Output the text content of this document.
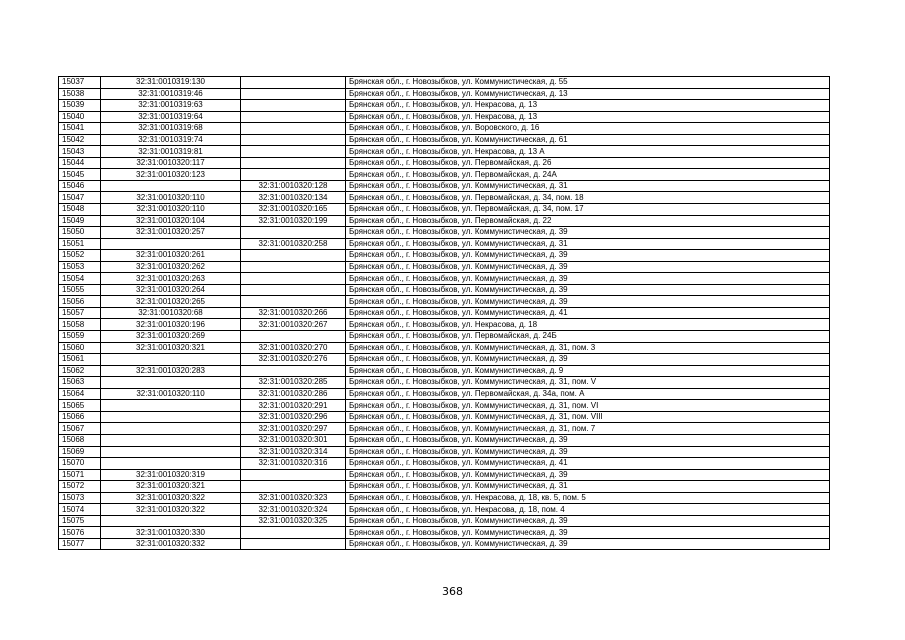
15037	32:31:0010319:130		Брянская обл., г. Новозыбков, ул. Коммунистическая, д. 55
15038	32:31:0010319:46		Брянская обл., г. Новозыбков, ул. Коммунистическая, д. 13
15039	32:31:0010319:63		Брянская обл., г. Новозыбков, ул. Некрасова, д. 13
15040	32:31:0010319:64		Брянская обл., г. Новозыбков, ул. Некрасова, д. 13
15041	32:31:0010319:68		Брянская обл., г. Новозыбков, ул. Воровского, д. 16
15042	32:31:0010319:74		Брянская обл., г. Новозыбков, ул. Коммунистическая, д. 61
15043	32:31:0010319:81		Брянская обл., г. Новозыбков, ул. Некрасова, д. 13 А
15044	32:31:0010320:117		Брянская обл., г. Новозыбков, ул. Первомайская, д. 26
15045	32:31:0010320:123		Брянская обл., г. Новозыбков, ул. Первомайская, д. 24А
15046		32:31:0010320:128	Брянская обл., г. Новозыбков, ул. Коммунистическая, д. 31
15047	32:31:0010320:110	32:31:0010320:134	Брянская обл., г. Новозыбков, ул. Первомайская, д. 34, пом. 18
15048	32:31:0010320:110	32:31:0010320:165	Брянская обл., г. Новозыбков, ул. Первомайская, д. 34, пом. 17
15049	32:31:0010320:104	32:31:0010320:199	Брянская обл., г. Новозыбков, ул. Первомайская, д. 22
15050	32:31:0010320:257		Брянская обл., г. Новозыбков, ул. Коммунистическая, д. 39
15051		32:31:0010320:258	Брянская обл., г. Новозыбков, ул. Коммунистическая, д. 31
15052	32:31:0010320:261		Брянская обл., г. Новозыбков, ул. Коммунистическая, д. 39
15053	32:31:0010320:262		Брянская обл., г. Новозыбков, ул. Коммунистическая, д. 39
15054	32:31:0010320:263		Брянская обл., г. Новозыбков, ул. Коммунистическая, д. 39
15055	32:31:0010320:264		Брянская обл., г. Новозыбков, ул. Коммунистическая, д. 39
15056	32:31:0010320:265		Брянская обл., г. Новозыбков, ул. Коммунистическая, д. 39
15057	32:31:0010320:68	32:31:0010320:266	Брянская обл., г. Новозыбков, ул. Коммунистическая, д. 41
15058	32:31:0010320:196	32:31:0010320:267	Брянская обл., г. Новозыбков, ул. Некрасова, д. 18
15059	32:31:0010320:269		Брянская обл., г. Новозыбков, ул. Первомайская, д. 24Б
15060	32:31:0010320:321	32:31:0010320:270	Брянская обл., г. Новозыбков, ул. Коммунистическая, д. 31, пом. 3
15061		32:31:0010320:276	Брянская обл., г. Новозыбков, ул. Коммунистическая, д. 39
15062	32:31:0010320:283		Брянская обл., г. Новозыбков, ул. Коммунистическая, д. 9
15063		32:31:0010320:285	Брянская обл., г. Новозыбков, ул. Коммунистическая, д. 31, пом. V
15064	32:31:0010320:110	32:31:0010320:286	Брянская обл., г. Новозыбков, ул. Первомайская, д. 34а, пом. А
15065		32:31:0010320:291	Брянская обл., г. Новозыбков, ул. Коммунистическая, д. 31, пом. VI
15066		32:31:0010320:296	Брянская обл., г. Новозыбков, ул. Коммунистическая, д. 31, пом. VIII
15067		32:31:0010320:297	Брянская обл., г. Новозыбков, ул. Коммунистическая, д. 31, пом. 7
15068		32:31:0010320:301	Брянская обл., г. Новозыбков, ул. Коммунистическая, д. 39
15069		32:31:0010320:314	Брянская обл., г. Новозыбков, ул. Коммунистическая, д. 39
15070		32:31:0010320:316	Брянская обл., г. Новозыбков, ул. Коммунистическая, д. 41
15071	32:31:0010320:319		Брянская обл., г. Новозыбков, ул. Коммунистическая, д. 39
15072	32:31:0010320:321		Брянская обл., г. Новозыбков, ул. Коммунистическая, д. 31
15073	32:31:0010320:322	32:31:0010320:323	Брянская обл., г. Новозыбков, ул. Некрасова, д. 18, кв. 5, пом. 5
15074	32:31:0010320:322	32:31:0010320:324	Брянская обл., г. Новозыбков, ул. Некрасова, д. 18, пом. 4
15075		32:31:0010320:325	Брянская обл., г. Новозыбков, ул. Коммунистическая, д. 39
15076	32:31:0010320:330		Брянская обл., г. Новозыбков, ул. Коммунистическая, д. 39
15077	32:31:0010320:332		Брянская обл., г. Новозыбков, ул. Коммунистическая, д. 39
368
